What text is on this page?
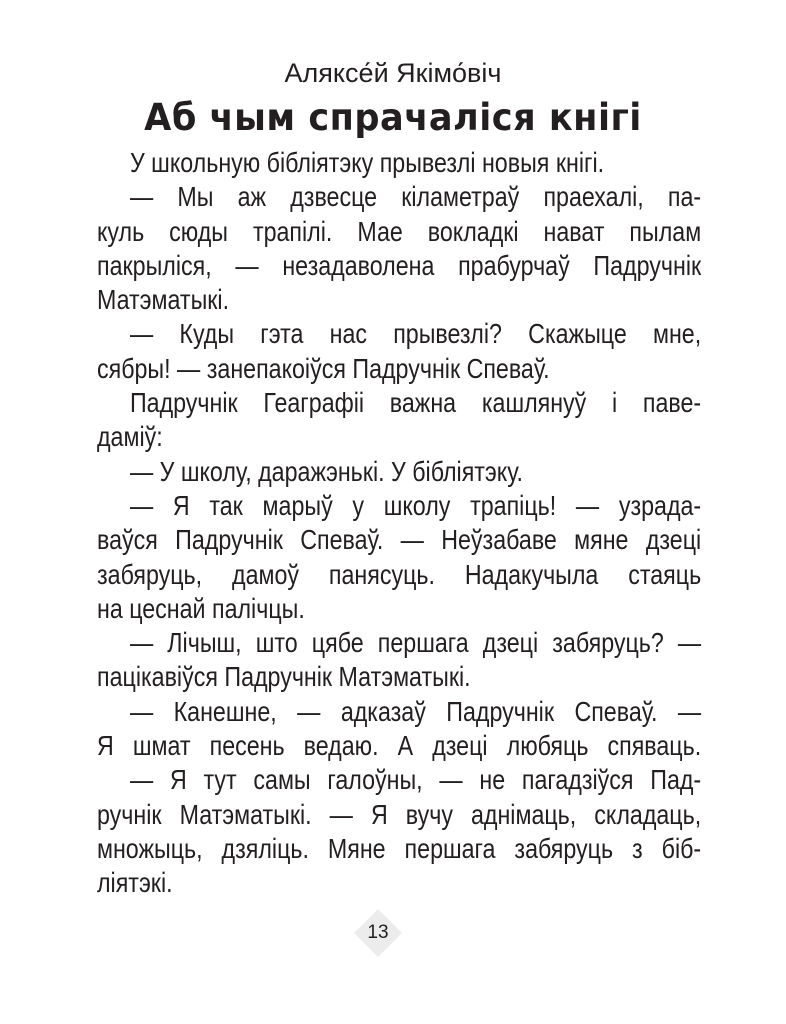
Аляксе́й Якімо́віч
Аб чым спрачаліся кнігі
У школьную бібліятэку прывезлі новыя кнігі.
— Мы аж дзвесце кіламетраў праехалі, па-
куль сюды трапілі. Мае вокладкі нават пылам
пакрыліся, — незадаволена прабурчаў Падручнік
Матэматыкі.
— Куды гэта нас прывезлі? Скажыце мне,
сябры! — занепакоіўся Падручнік Спеваў.
Падручнік Геаграфіі важна кашлянуў і паве-
даміў:
— У школу, даражэнькі. У бібліятэку.
— Я так марыў у школу трапіць! — узрада-
ваўся Падручнік Спеваў. — Неўзабаве мяне дзеці
забяруць, дамоў панясуць. Надакучыла стаяць
на цеснай палічцы.
— Лічыш, што цябе першага дзеці забяруць? —
пацікавіўся Падручнік Матэматыкі.
— Канешне, — адказаў Падручнік Спеваў. —
Я шмат песень ведаю. А дзеці любяць спяваць.
— Я тут самы галоўны, — не пагадзіўся Пад-
ручнік Матэматыкі. — Я вучу аднімаць, складаць,
множыць, дзяліць. Мяне першага забяруць з біб-
ліятэкі.
13
